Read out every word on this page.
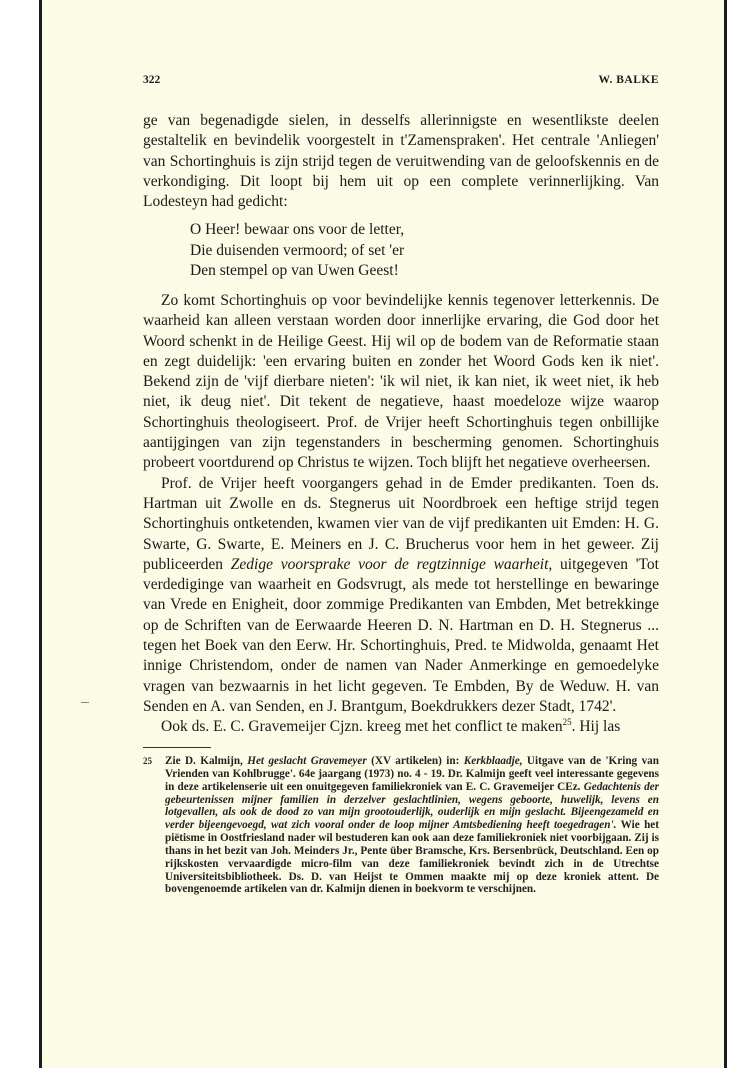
322	W. BALKE

ge van begenadigde sielen, in desselfs allerinnigste en wesentlikste deelen gestaltelik en bevindelik voorgestelt in t'Zamenspraken'. Het centrale 'Anliegen' van Schortinghuis is zijn strijd tegen de veruitwending van de geloofskennis en de verkondiging. Dit loopt bij hem uit op een complete verinnerlijking. Van Lodesteyn had gedicht:

O Heer! bewaar ons voor de letter,
Die duisenden vermoord; of set 'er
Den stempel op van Uwen Geest!

Zo komt Schortinghuis op voor bevindelijke kennis tegenover letterkennis. De waarheid kan alleen verstaan worden door innerlijke ervaring, die God door het Woord schenkt in de Heilige Geest. Hij wil op de bodem van de Reformatie staan en zegt duidelijk: 'een ervaring buiten en zonder het Woord Gods ken ik niet'. Bekend zijn de 'vijf dierbare nieten': 'ik wil niet, ik kan niet, ik weet niet, ik heb niet, ik deug niet'. Dit tekent de negatieve, haast moedeloze wijze waarop Schortinghuis theologiseert. Prof. de Vrijer heeft Schortinghuis tegen onbillijke aantijgingen van zijn tegenstanders in bescherming genomen. Schortinghuis probeert voortdurend op Christus te wijzen. Toch blijft het negatieve overheersen.

Prof. de Vrijer heeft voorgangers gehad in de Emder predikanten. Toen ds. Hartman uit Zwolle en ds. Stegnerus uit Noordbroek een heftige strijd tegen Schortinghuis ontketenden, kwamen vier van de vijf predikanten uit Emden: H. G. Swarte, G. Swarte, E. Meiners en J. C. Brucherus voor hem in het geweer. Zij publiceerden Zedige voorsprake voor de regtzinnige waarheit, uitgegeven 'Tot verdedigingе van waarheit en Godsvrugt, als mede tot herstellinge en bewaringe van Vrede en Enigheit, door zommige Predikanten van Embden, Met betrekkinge op de Schriften van de Eerwaarde Heeren D. N. Hartman en D. H. Stegnerus ... tegen het Boek van den Eerw. Hr. Schortinghuis, Pred. te Midwolda, genaamt Het innige Christendom, onder de namen van Nader Anmerkinge en gemoedelyke vragen van bezwaarnis in het licht gegeven. Te Embden, By de Weduw. H. van Senden en A. van Senden, en J. Brantgum, Boekdrukkers dezer Stadt, 1742'.

Ook ds. E. C. Gravemeijer Cjzn. kreeg met het conflict te maken$^{25}$. Hij las

25 Zie D. Kalmijn, Het geslacht Gravemeyer (XV artikelen) in: Kerkblaadje, Uitgave van de 'Kring van Vrienden van Kohlbrugge'. 64e jaargang (1973) no. 4 - 19. Dr. Kalmijn geeft veel interessante gegevens in deze artikelenserie uit een onuitgegeven familiekroniek van E. C. Gravemeijer CEz. Gedachtenis der gebeurtenissen mijner familien in derzelver geslachtlinien, wegens geboorte, huwelijk, levens en lotgevallen, als ook de dood zo van mijn grootouderlijk, ouderlijk en mijn geslacht. Bijeengezameld en verder bijeengevoegd, wat zich vooral onder de loop mijner Amtsbediening heeft toegedragen'. Wie het piëtisme in Oostfriesland nader wil bestuderen kan ook aan deze familiekroniek niet voorbijgaan. Zij is thans in het bezit van Joh. Meinders Jr., Pente über Bramsche, Krs. Bersenbrück, Deutschland. Een op rijkskosten vervaardigde micro-film van deze familiekroniek bevindt zich in de Utrechtse Universiteitsbibliotheek. Ds. D. van Heijst te Ommen maakte mij op deze kroniek attent. De bovengenoemde artikelen van dr. Kalmijn dienen in boekvorm te verschijnen.
